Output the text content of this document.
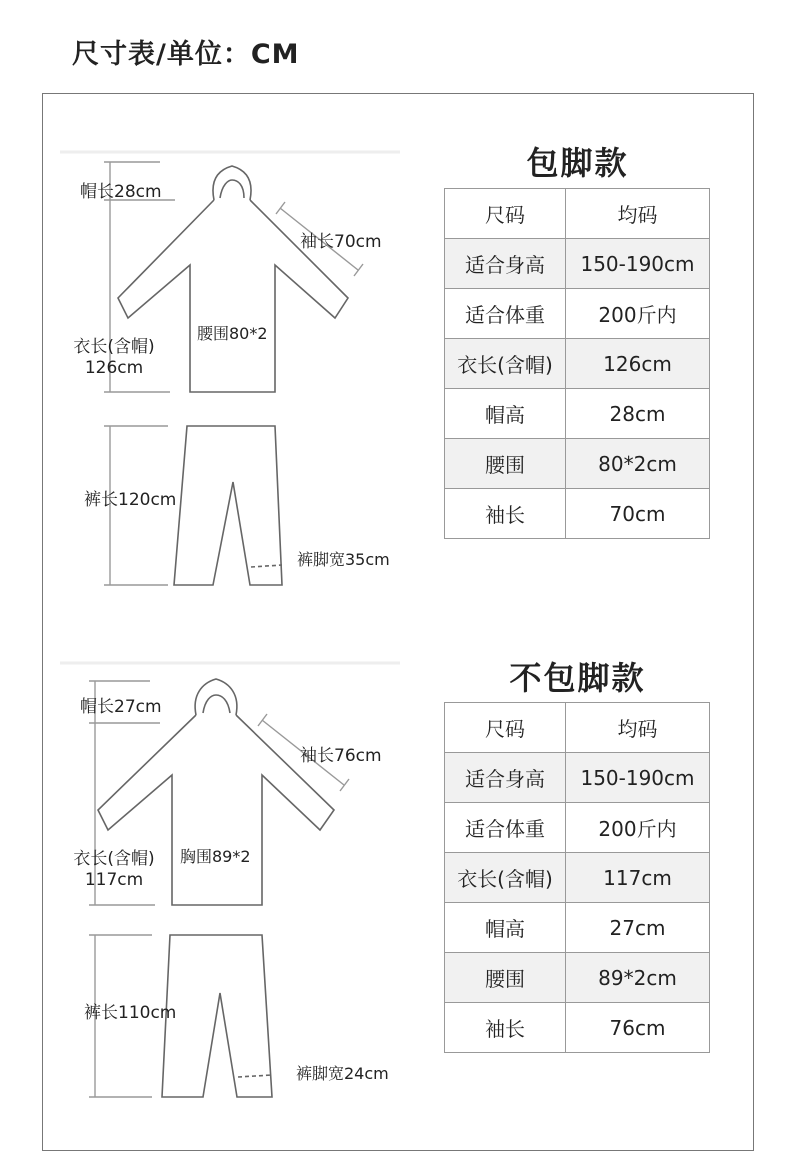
尺寸表/单位：CM
帽长28cm
袖长70cm
衣长(含帽)
126cm
腰围80*2
裤长120cm
裤脚宽35cm
包脚款
尺码	均码
适合身高	150-190cm
适合体重	200斤内
衣长(含帽)	126cm
帽高	28cm
腰围	80*2cm
袖长	70cm
帽长27cm
袖长76cm
衣长(含帽)
117cm
胸围89*2
裤长110cm
裤脚宽24cm
不包脚款
尺码	均码
适合身高	150-190cm
适合体重	200斤内
衣长(含帽)	117cm
帽高	27cm
腰围	89*2cm
袖长	76cm
